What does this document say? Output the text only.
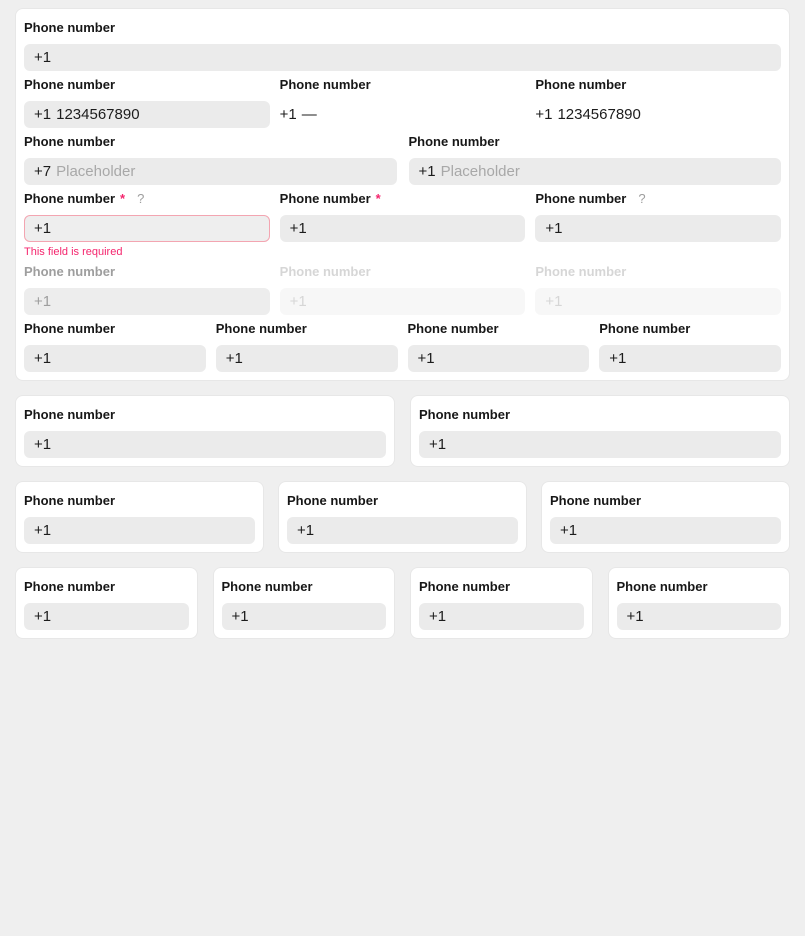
Phone number
+1
Phone number
+1 1234567890
Phone number
+1 —
Phone number
+1 1234567890
Phone number
+7 Placeholder
Phone number
+1 Placeholder
Phone number * ?
+1
This field is required
Phone number *
+1
Phone number ?
+1
Phone number
+1
Phone number
+1
Phone number
+1
Phone number
+1
Phone number
+1
Phone number
+1
Phone number
+1
Phone number
+1
Phone number
+1
Phone number
+1
Phone number
+1
Phone number
+1
Phone number
+1
Phone number
+1
Phone number
+1
Phone number
+1
